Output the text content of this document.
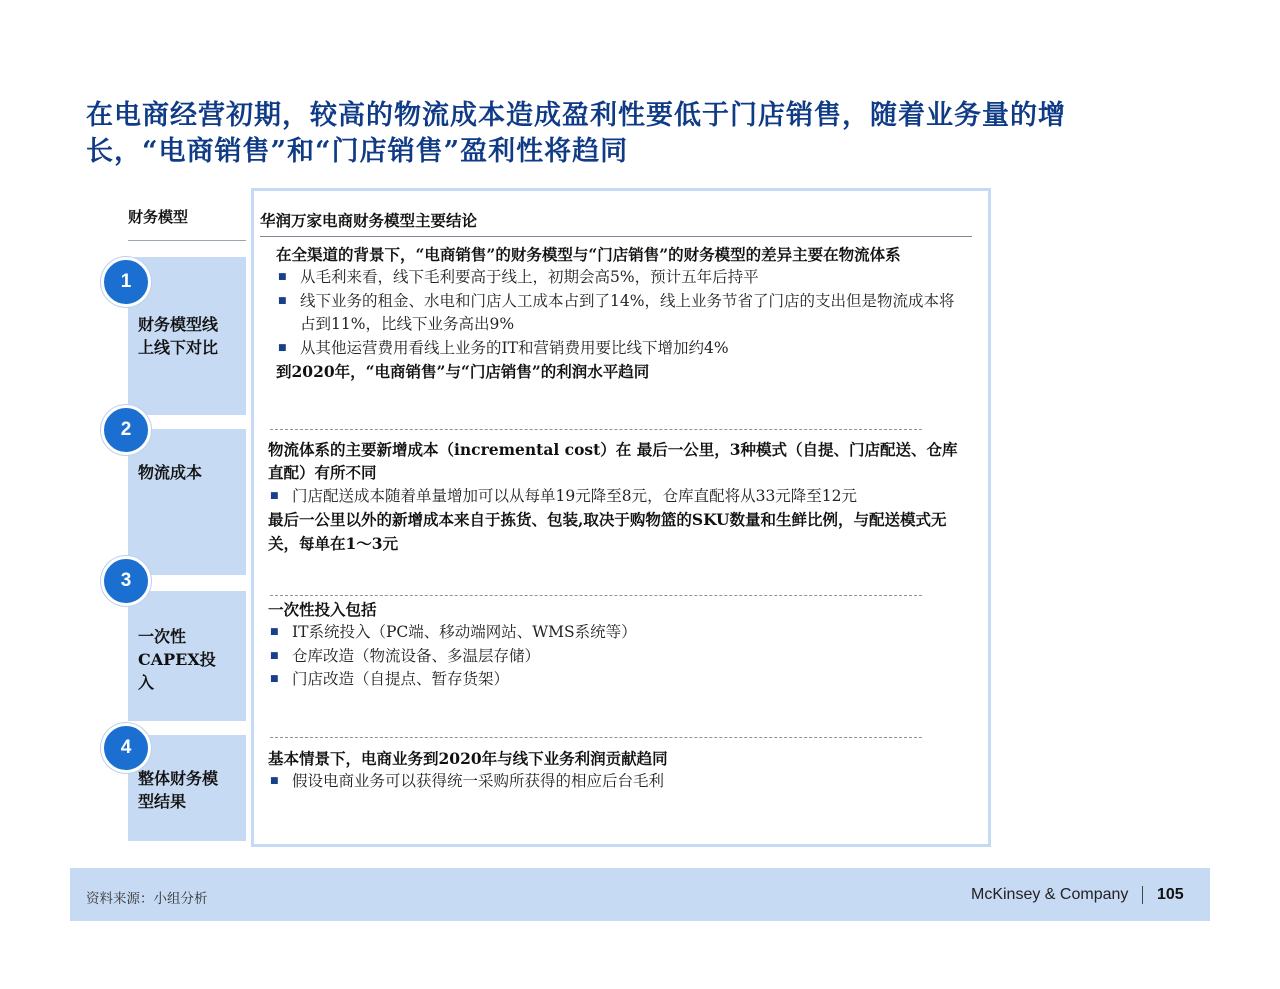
在电商经营初期，较高的物流成本造成盈利性要低于门店销售，随着业务量的增
长，“电商销售”和“门店销售”盈利性将趋同
财务模型
财务模型线
上线下对比
物流成本
一次性
CAPEX投
入
整体财务模
型结果
1
2
3
4
华润万家电商财务模型主要结论
在全渠道的背景下，“电商销售”的财务模型与“门店销售”的财务模型的差异主要在物流体系
■ 从毛利来看，线下毛利要高于线上，初期会高5%，预计五年后持平
■ 线下业务的租金、水电和门店人工成本占到了14%，线上业务节省了门店的支出但是物流成本将占到11%，比线下业务高出9%
■ 从其他运营费用看线上业务的IT和营销费用要比线下增加约4%
到2020年，“电商销售”与“门店销售”的利润水平趋同
物流体系的主要新增成本（incremental cost）在 最后一公里，3种模式（自提、门店配送、仓库直配）有所不同
■ 门店配送成本随着单量增加可以从每单19元降至8元，仓库直配将从33元降至12元
最后一公里以外的新增成本来自于拣货、包装,取决于购物篮的SKU数量和生鲜比例，与配送模式无关，每单在1～3元
一次性投入包括
■ IT系统投入（PC端、移动端网站、WMS系统等）
■ 仓库改造（物流设备、多温层存储）
■ 门店改造（自提点、暂存货架）
基本情景下，电商业务到2020年与线下业务利润贡献趋同
■ 假设电商业务可以获得统一采购所获得的相应后台毛利
资料来源：小组分析	McKinsey & Company 105
